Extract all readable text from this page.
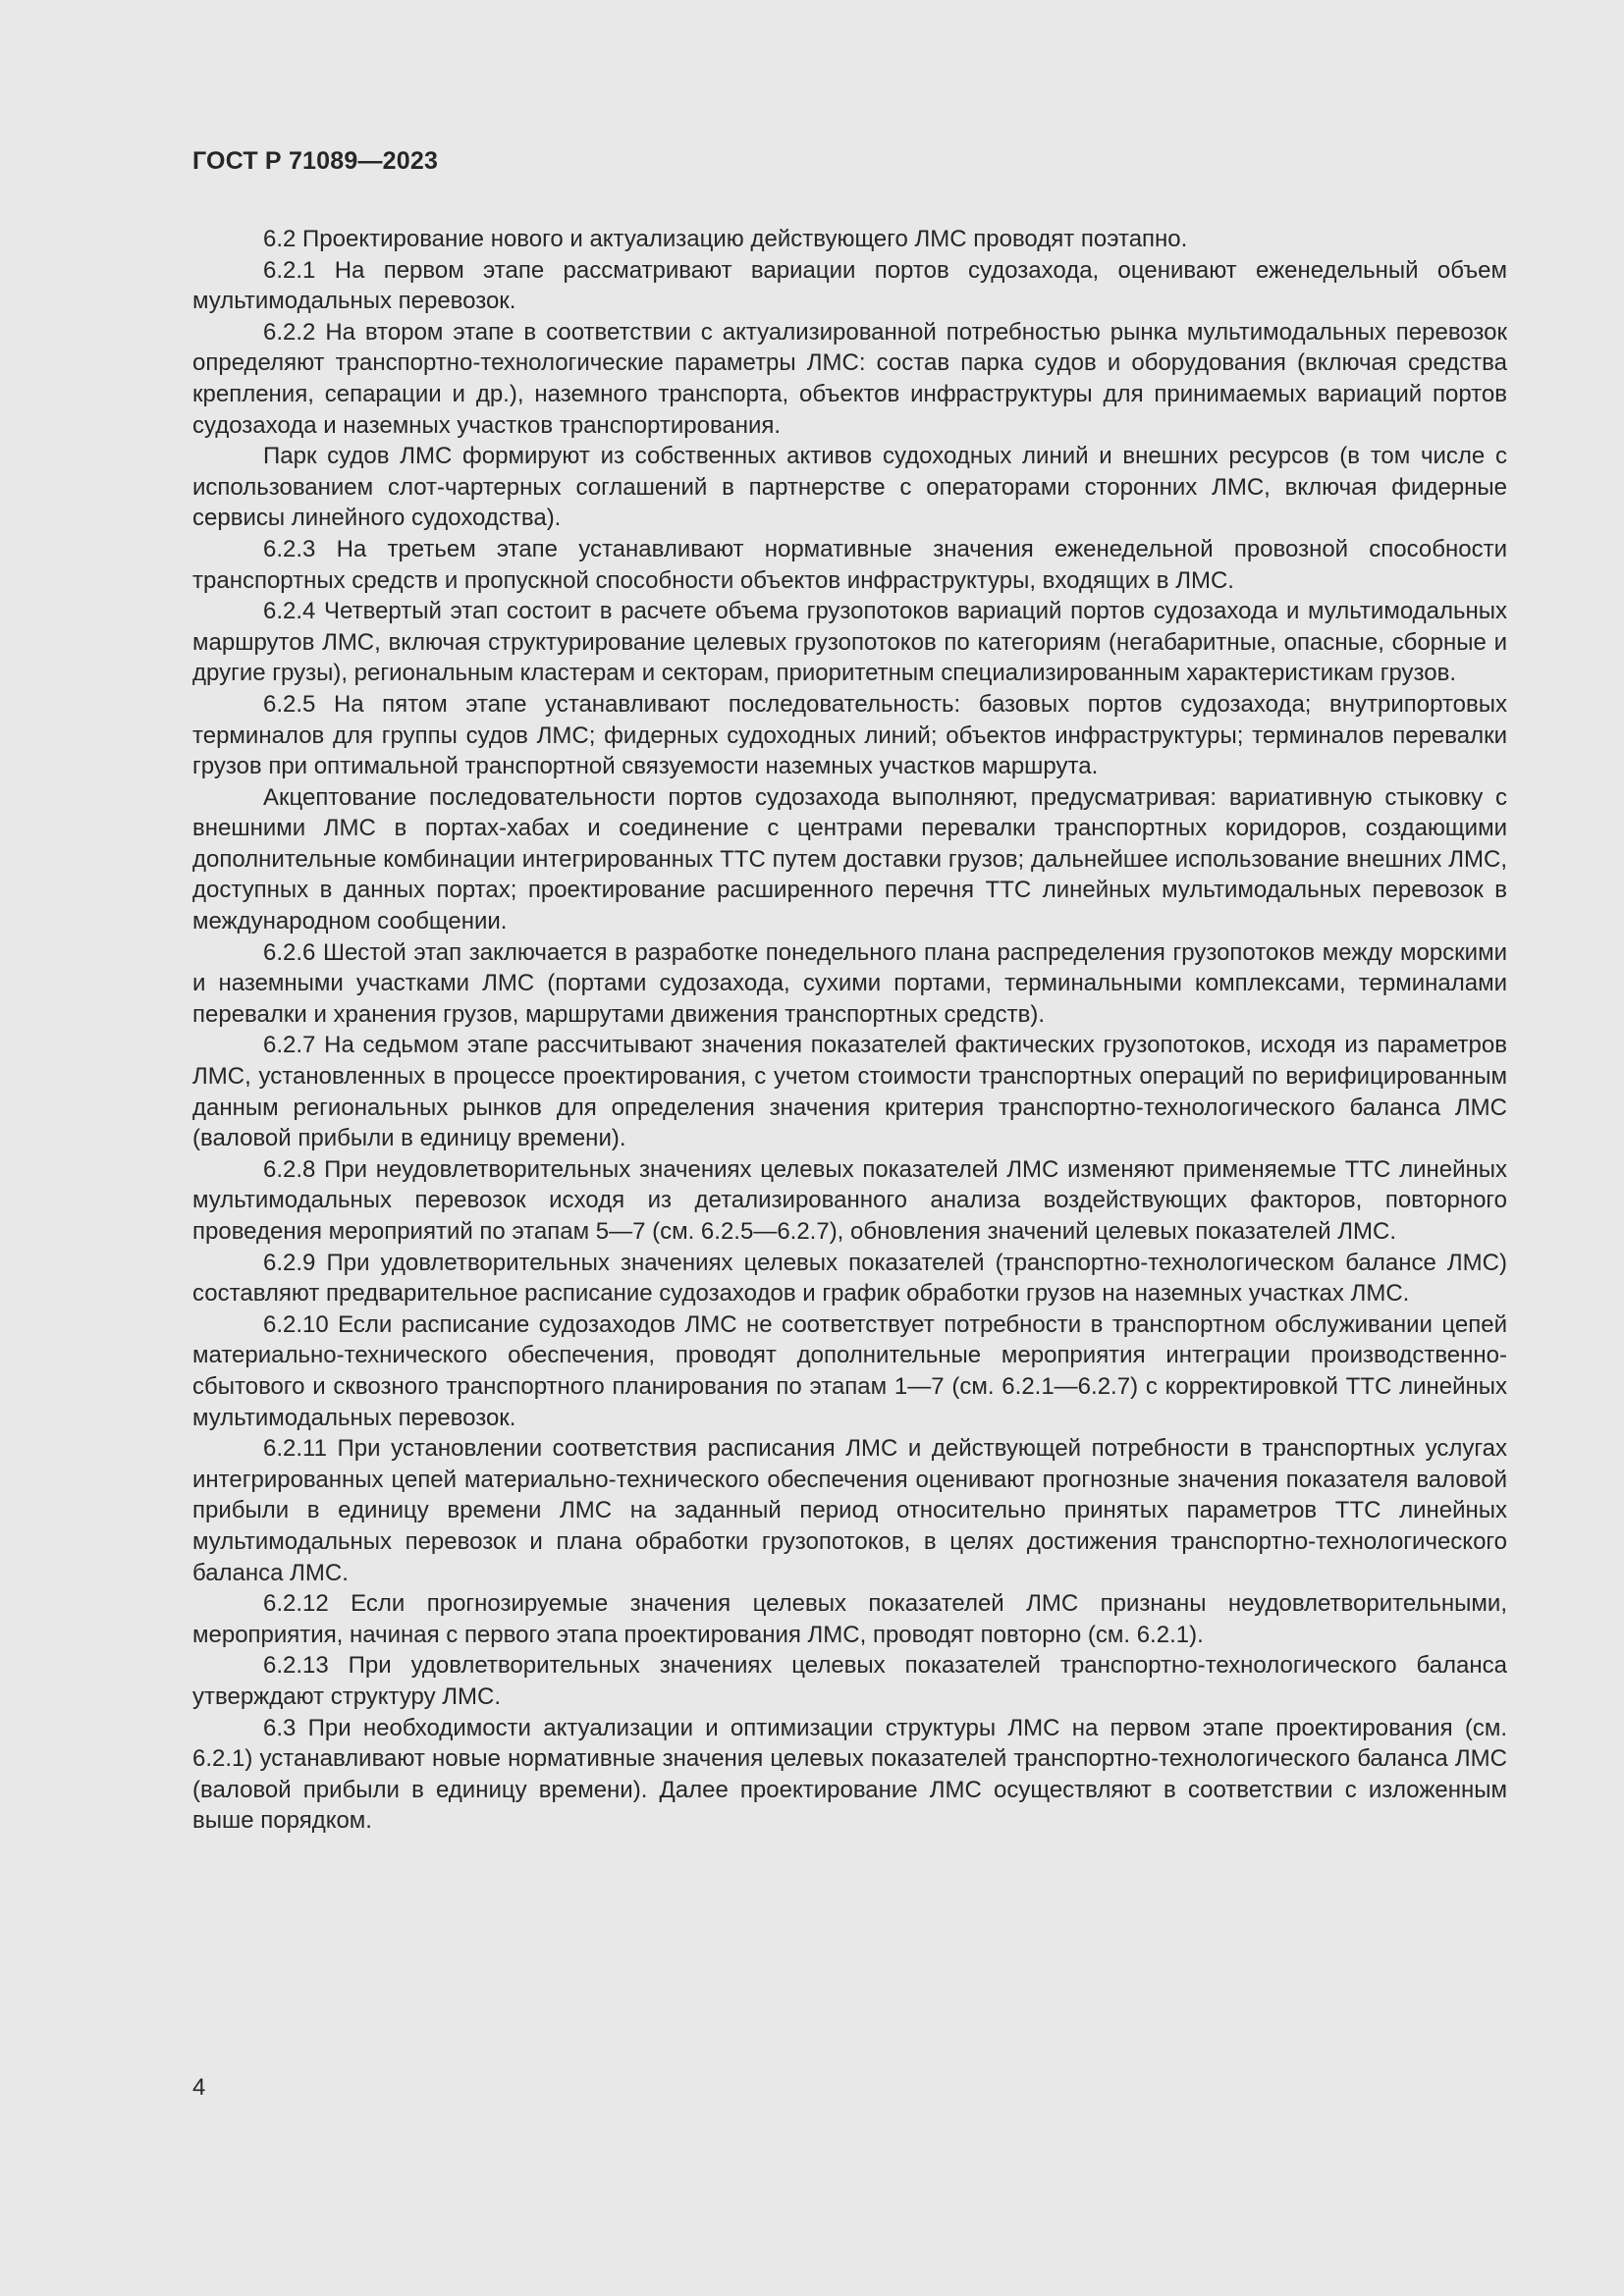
ГОСТ Р 71089—2023

6.2 Проектирование нового и актуализацию действующего ЛМС проводят поэтапно.

6.2.1 На первом этапе рассматривают вариации портов судозахода, оценивают еженедельный объем мультимодальных перевозок.

6.2.2 На втором этапе в соответствии с актуализированной потребностью рынка мультимодальных перевозок определяют транспортно-технологические параметры ЛМС: состав парка судов и оборудования (включая средства крепления, сепарации и др.), наземного транспорта, объектов инфраструктуры для принимаемых вариаций портов судозахода и наземных участков транспортирования.

Парк судов ЛМС формируют из собственных активов судоходных линий и внешних ресурсов (в том числе с использованием слот-чартерных соглашений в партнерстве с операторами сторонних ЛМС, включая фидерные сервисы линейного судоходства).

6.2.3 На третьем этапе устанавливают нормативные значения еженедельной провозной способности транспортных средств и пропускной способности объектов инфраструктуры, входящих в ЛМС.

6.2.4 Четвертый этап состоит в расчете объема грузопотоков вариаций портов судозахода и мультимодальных маршрутов ЛМС, включая структурирование целевых грузопотоков по категориям (негабаритные, опасные, сборные и другие грузы), региональным кластерам и секторам, приоритетным специализированным характеристикам грузов.

6.2.5 На пятом этапе устанавливают последовательность: базовых портов судозахода; внутрипортовых терминалов для группы судов ЛМС; фидерных судоходных линий; объектов инфраструктуры; терминалов перевалки грузов при оптимальной транспортной связуемости наземных участков маршрута.

Акцептование последовательности портов судозахода выполняют, предусматривая: вариативную стыковку с внешними ЛМС в портах-хабах и соединение с центрами перевалки транспортных коридоров, создающими дополнительные комбинации интегрированных ТТС путем доставки грузов; дальнейшее использование внешних ЛМС, доступных в данных портах; проектирование расширенного перечня ТТС линейных мультимодальных перевозок в международном сообщении.

6.2.6 Шестой этап заключается в разработке понедельного плана распределения грузопотоков между морскими и наземными участками ЛМС (портами судозахода, сухими портами, терминальными комплексами, терминалами перевалки и хранения грузов, маршрутами движения транспортных средств).

6.2.7 На седьмом этапе рассчитывают значения показателей фактических грузопотоков, исходя из параметров ЛМС, установленных в процессе проектирования, с учетом стоимости транспортных операций по верифицированным данным региональных рынков для определения значения критерия транспортно-технологического баланса ЛМС (валовой прибыли в единицу времени).

6.2.8 При неудовлетворительных значениях целевых показателей ЛМС изменяют применяемые ТТС линейных мультимодальных перевозок исходя из детализированного анализа воздействующих факторов, повторного проведения мероприятий по этапам 5—7 (см. 6.2.5—6.2.7), обновления значений целевых показателей ЛМС.

6.2.9 При удовлетворительных значениях целевых показателей (транспортно-технологическом балансе ЛМС) составляют предварительное расписание судозаходов и график обработки грузов на наземных участках ЛМС.

6.2.10 Если расписание судозаходов ЛМС не соответствует потребности в транспортном обслуживании цепей материально-технического обеспечения, проводят дополнительные мероприятия интеграции производственно-сбытового и сквозного транспортного планирования по этапам 1—7 (см. 6.2.1—6.2.7) с корректировкой ТТС линейных мультимодальных перевозок.

6.2.11 При установлении соответствия расписания ЛМС и действующей потребности в транспортных услугах интегрированных цепей материально-технического обеспечения оценивают прогнозные значения показателя валовой прибыли в единицу времени ЛМС на заданный период относительно принятых параметров ТТС линейных мультимодальных перевозок и плана обработки грузопотоков, в целях достижения транспортно-технологического баланса ЛМС.

6.2.12 Если прогнозируемые значения целевых показателей ЛМС признаны неудовлетворительными, мероприятия, начиная с первого этапа проектирования ЛМС, проводят повторно (см. 6.2.1).

6.2.13 При удовлетворительных значениях целевых показателей транспортно-технологического баланса утверждают структуру ЛМС.

6.3 При необходимости актуализации и оптимизации структуры ЛМС на первом этапе проектирования (см. 6.2.1) устанавливают новые нормативные значения целевых показателей транспортно-технологического баланса ЛМС (валовой прибыли в единицу времени). Далее проектирование ЛМС осуществляют в соответствии с изложенным выше порядком.

4
